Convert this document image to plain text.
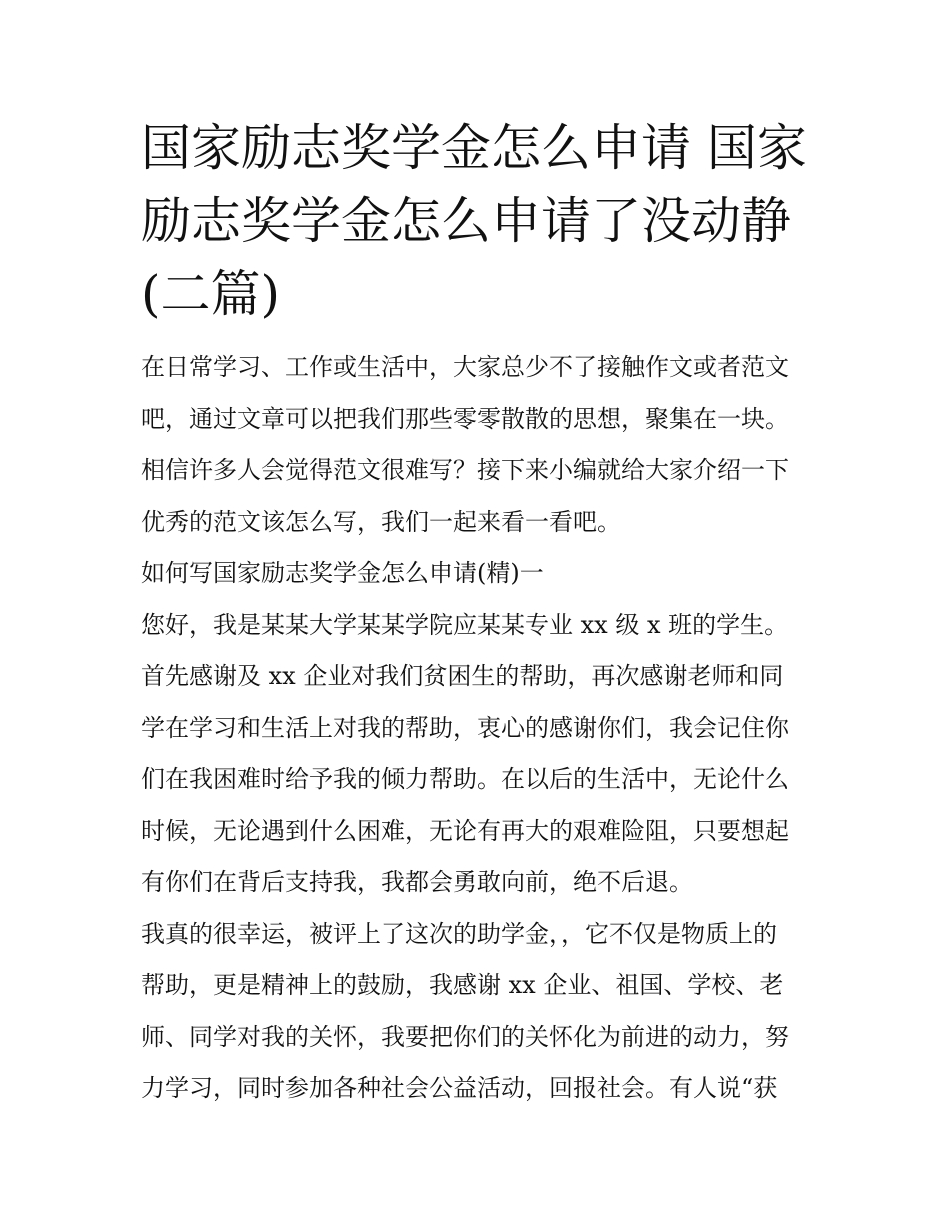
国家励志奖学金怎么申请 国家
励志奖学金怎么申请了没动静
(二篇)
在日常学习、工作或生活中，大家总少不了接触作文或者范文
吧，通过文章可以把我们那些零零散散的思想，聚集在一块。
相信许多人会觉得范文很难写？接下来小编就给大家介绍一下
优秀的范文该怎么写，我们一起来看一看吧。
如何写国家励志奖学金怎么申请(精)一
您好，我是某某大学某某学院应某某专业 xx 级 x 班的学生。
首先感谢及 xx 企业对我们贫困生的帮助，再次感谢老师和同
学在学习和生活上对我的帮助，衷心的感谢你们，我会记住你
们在我困难时给予我的倾力帮助。在以后的生活中，无论什么
时候，无论遇到什么困难，无论有再大的艰难险阻，只要想起
有你们在背后支持我，我都会勇敢向前，绝不后退。
我真的很幸运，被评上了这次的助学金，，它不仅是物质上的
帮助，更是精神上的鼓励，我感谢 xx 企业、祖国、学校、老
师、同学对我的关怀，我要把你们的关怀化为前进的动力，努
力学习，同时参加各种社会公益活动，回报社会。有人说“获
